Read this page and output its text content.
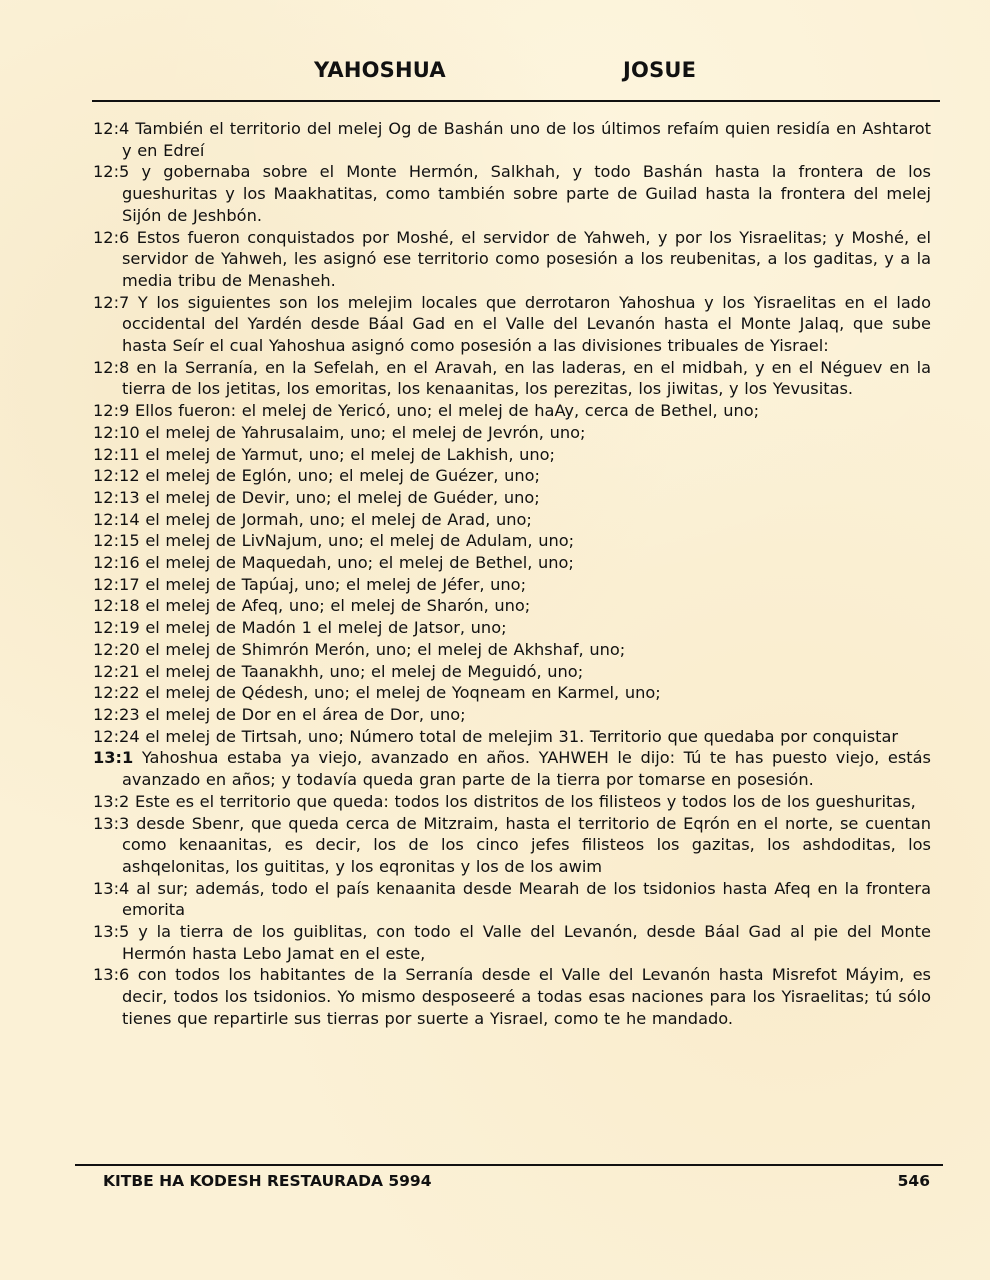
YAHOSHUA	JOSUE
12:4 También el territorio del melej Og de Bashán uno de los últimos refaím quien residía en Ashtarot y en Edreí
12:5 y gobernaba sobre el Monte Hermón, Salkhah, y todo Bashán hasta la frontera de los gueshuritas y los Maakhatitas, como también sobre parte de Guilad hasta la frontera del melej Sijón de Jeshbón.
12:6 Estos fueron conquistados por Moshé, el servidor de Yahweh, y por los Yisraelitas; y Moshé, el servidor de Yahweh, les asignó ese territorio como posesión a los reubenitas, a los gaditas, y a la media tribu de Menasheh.
12:7 Y los siguientes son los melejim locales que derrotaron Yahoshua y los Yisraelitas en el lado occidental del Yardén desde Báal Gad en el Valle del Levanón hasta el Monte Jalaq, que sube hasta Seír el cual Yahoshua asignó como posesión a las divisiones tribuales de Yisrael:
12:8 en la Serranía, en la Sefelah, en el Aravah, en las laderas, en el midbah, y en el Néguev en la tierra de los jetitas, los emoritas, los kenaanitas, los perezitas, los jiwitas, y los Yevusitas.
12:9 Ellos fueron: el melej de Yericó, uno; el melej de haAy, cerca de Bethel, uno;
12:10 el melej de Yahrusalaim, uno; el melej de Jevrón, uno;
12:11 el melej de Yarmut, uno; el melej de Lakhish, uno;
12:12 el melej de Eglón, uno; el melej de Guézer, uno;
12:13 el melej de Devir, uno; el melej de Guéder, uno;
12:14 el melej de Jormah, uno; el melej de Arad, uno;
12:15 el melej de LivNajum, uno; el melej de Adulam, uno;
12:16 el melej de Maquedah, uno; el melej de Bethel, uno;
12:17 el melej de Tapúaj, uno; el melej de Jéfer, uno;
12:18 el melej de Afeq, uno; el melej de Sharón, uno;
12:19 el melej de Madón 1 el melej de Jatsor, uno;
12:20 el melej de Shimrón Merón, uno; el melej de Akhshaf, uno;
12:21 el melej de Taanakhh, uno; el melej de Meguidó, uno;
12:22 el melej de Qédesh, uno; el melej de Yoqneam en Karmel, uno;
12:23 el melej de Dor en el área de Dor, uno;
12:24 el melej de Tirtsah, uno; Número total de melejim 31. Territorio que quedaba por conquistar
13:1 Yahoshua estaba ya viejo, avanzado en años. YAHWEH le dijo: Tú te has puesto viejo, estás avanzado en años; y todavía queda gran parte de la tierra por tomarse en posesión.
13:2 Este es el territorio que queda: todos los distritos de los filisteos y todos los de los gueshuritas,
13:3 desde Sbenr, que queda cerca de Mitzraim, hasta el territorio de Eqrón en el norte, se cuentan como kenaanitas, es decir, los de los cinco jefes filisteos los gazitas, los ashdoditas, los ashqelonitas, los guititas, y los eqronitas y los de los awim
13:4 al sur; además, todo el país kenaanita desde Mearah de los tsidonios hasta Afeq en la frontera emorita
13:5 y la tierra de los guiblitas, con todo el Valle del Levanón, desde Báal Gad al pie del Monte Hermón hasta Lebo Jamat en el este,
13:6 con todos los habitantes de la Serranía desde el Valle del Levanón hasta Misrefot Máyim, es decir, todos los tsidonios. Yo mismo desposeeré a todas esas naciones para los Yisraelitas; tú sólo tienes que repartirle sus tierras por suerte a Yisrael, como te he mandado.
KITBE HA KODESH RESTAURADA 5994	546
